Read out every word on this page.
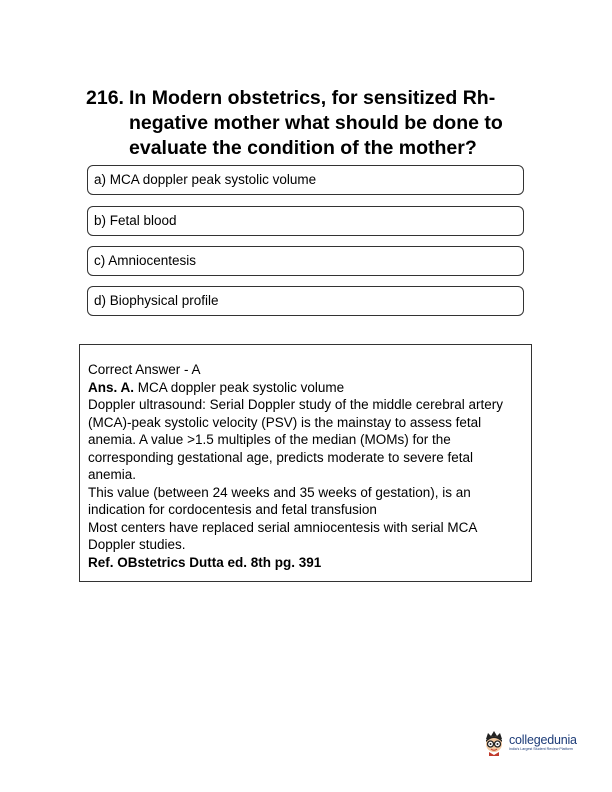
216. In Modern obstetrics, for sensitized Rh-negative mother what should be done to evaluate the condition of the mother?
a) MCA doppler peak systolic volume
b) Fetal blood
c) Amniocentesis
d) Biophysical profile

Correct Answer - A

Ans. A. MCA doppler peak systolic volume

Doppler ultrasound: Serial Doppler study of the middle cerebral artery (MCA)-peak systolic velocity (PSV) is the mainstay to assess fetal anemia. A value >1.5 multiples of the median (MOMs) for the corresponding gestational age, predicts moderate to severe fetal anemia.

This value (between 24 weeks and 35 weeks of gestation), is an indication for cordocentesis and fetal transfusion

Most centers have replaced serial amniocentesis with serial MCA Doppler studies.

Ref. OBstetrics Dutta ed. 8th pg. 391

collegedunia
India's Largest Student Review Platform
